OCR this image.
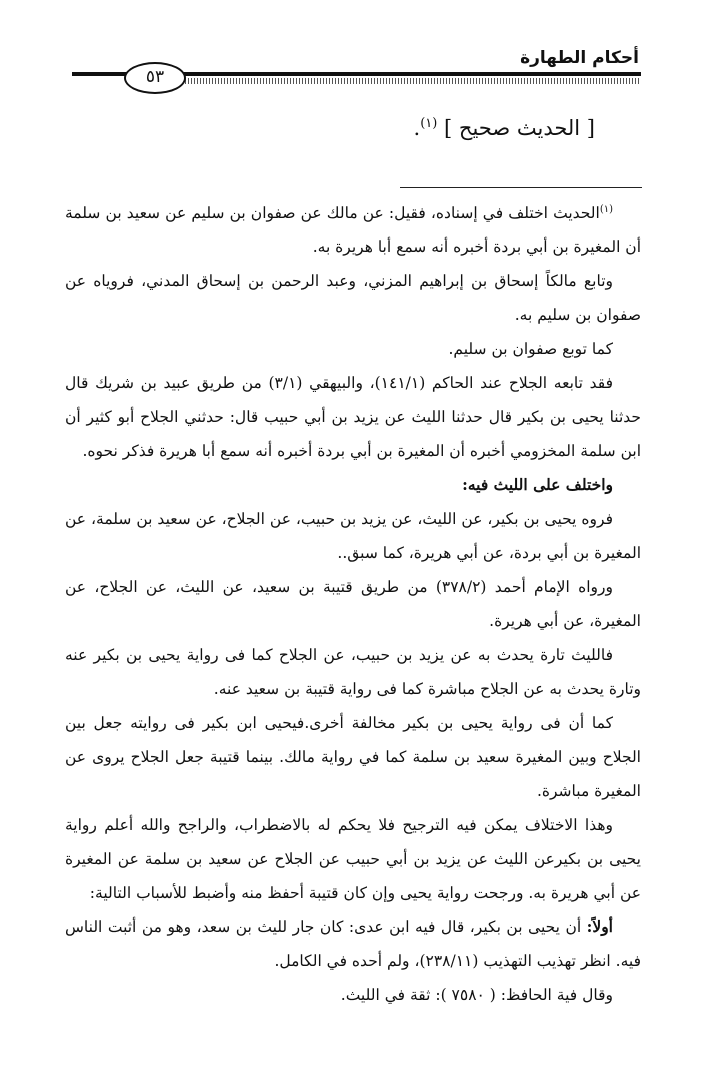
أحكام الطهارة
٥٣
[ الحديث صحيح ] $^{(١)}$.

$^{(١)}$الحديث اختلف في إسناده، فقيل: عن مالك عن صفوان بن سليم عن سعيد بن سلمة أن المغيرة بن أبي بردة أخبره أنه سمع أبا هريرة به.

وتابع مالكاً إسحاق بن إبراهيم المزني، وعبد الرحمن بن إسحاق المدني، فروياه عن صفوان بن سليم به.

كما توبع صفوان بن سليم.

فقد تابعه الجلاح عند الحاكم (١٤١/١)، والبيهقي (٣/١) من طريق عبيد بن شريك قال حدثنا يحيى بن بكير قال حدثنا الليث عن يزيد بن أبي حبيب قال: حدثني الجلاح أبو كثير أن ابن سلمة المخزومي أخبره أن المغيرة بن أبي بردة أخبره أنه سمع أبا هريرة فذكر نحوه.

واختلف على الليث فيه:

فروه يحيى بن بكير، عن الليث، عن يزيد بن حبيب، عن الجلاح، عن سعيد بن سلمة، عن المغيرة بن أبي بردة، عن أبي هريرة، كما سبق..

ورواه الإمام أحمد (٣٧٨/٢) من طريق قتيبة بن سعيد، عن الليث، عن الجلاح، عن المغيرة، عن أبي هريرة.

فالليث تارة يحدث به عن يزيد بن حبيب، عن الجلاح كما فى رواية يحيى بن بكير عنه وتارة يحدث به عن الجلاح مباشرة كما فى رواية قتيبة بن سعيد عنه.

كما أن فى رواية يحيى بن بكير مخالفة أخرى.فيحيى ابن بكير فى روايته جعل بين الجلاح وبين المغيرة سعيد بن سلمة كما في رواية مالك. بينما قتيبة جعل الجلاح يروى عن المغيرة مباشرة.

وهذا الاختلاف يمكن فيه الترجيح فلا يحكم له بالاضطراب، والراجح والله أعلم رواية يحيى بن بكيرعن الليث عن يزيد بن أبي حبيب عن الجلاح عن سعيد بن سلمة عن المغيرة عن أبي هريرة به. ورجحت رواية يحيى وإن كان قتيبة أحفظ منه وأضبط للأسباب التالية:

أولاً: أن يحيى بن بكير، قال فيه ابن عدى: كان جار لليث بن سعد، وهو من أثبت الناس فيه. انظر تهذيب التهذيب (٢٣٨/١١)، ولم أحده في الكامل.

وقال فية الحافظ: ( ٧٥٨٠ ): ثقة في الليث.
